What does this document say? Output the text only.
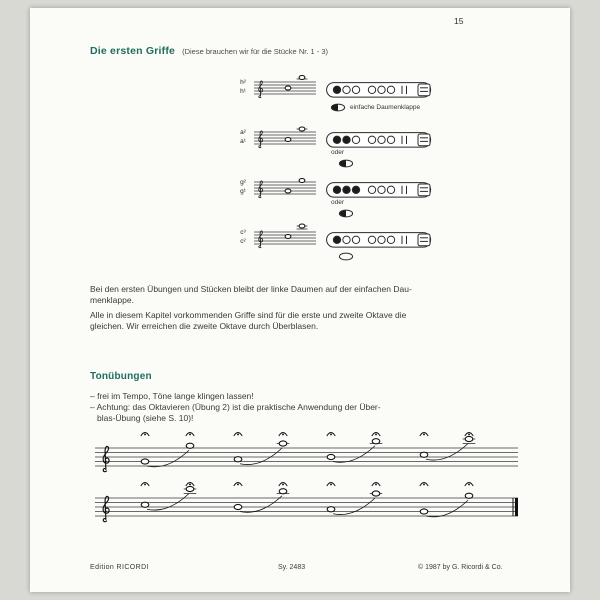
15
Die ersten Griffe (Diese brauchen wir für die Stücke Nr. 1 - 3)
h²
h¹
einfache Daumenklappe
a²
a¹
oder
g²
g¹
oder
c³
c²
Bei den ersten Übungen und Stücken bleibt der linke Daumen auf der einfachen Dau-
menklappe.
Alle in diesem Kapitel vorkommenden Griffe sind für die erste und zweite Oktave die
gleichen. Wir erreichen die zweite Oktave durch Überblasen.
Tonübungen
– frei im Tempo, Töne lange klingen lassen!
– Achtung: das Oktavieren (Übung 2) ist die praktische Anwendung der Über-
blas-Übung (siehe S. 10)!
Edition RICORDI	Sy. 2483	© 1987 by G. Ricordi & Co.
